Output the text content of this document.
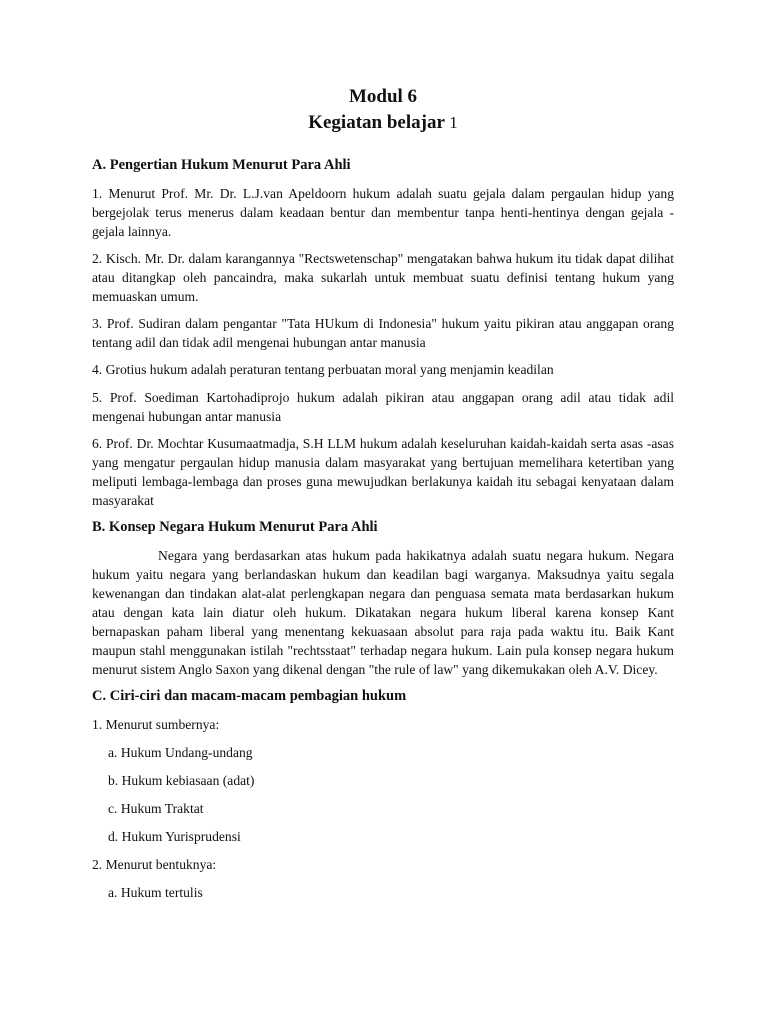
Modul 6
Kegiatan belajar 1
A. Pengertian Hukum Menurut Para Ahli

1. Menurut Prof. Mr. Dr. L.J.van Apeldoorn hukum adalah suatu gejala dalam pergaulan hidup yang bergejolak terus menerus dalam keadaan bentur dan membentur tanpa henti-hentinya dengan gejala - gejala lainnya.

2. Kisch. Mr. Dr. dalam karangannya "Rectswetenschap" mengatakan bahwa hukum itu tidak dapat dilihat atau ditangkap oleh pancaindra, maka sukarlah untuk membuat suatu definisi tentang hukum yang memuaskan umum.

3. Prof. Sudiran dalam pengantar "Tata HUkum di Indonesia" hukum yaitu pikiran atau anggapan orang tentang adil dan tidak adil mengenai hubungan antar manusia

4. Grotius hukum adalah peraturan tentang perbuatan moral yang menjamin keadilan

5. Prof. Soediman Kartohadiprojo hukum adalah pikiran atau anggapan orang adil atau tidak adil mengenai hubungan antar manusia

6. Prof. Dr. Mochtar Kusumaatmadja, S.H LLM hukum adalah keseluruhan kaidah-kaidah serta asas -asas yang mengatur pergaulan hidup manusia dalam masyarakat yang bertujuan memelihara ketertiban yang meliputi lembaga-lembaga dan proses guna mewujudkan berlakunya kaidah itu sebagai kenyataan dalam masyarakat

B. Konsep Negara Hukum Menurut Para Ahli

Negara yang berdasarkan atas hukum pada hakikatnya adalah suatu negara hukum. Negara hukum yaitu negara yang berlandaskan hukum dan keadilan bagi warganya. Maksudnya yaitu segala kewenangan dan tindakan alat-alat perlengkapan negara dan penguasa semata mata berdasarkan hukum atau dengan kata lain diatur oleh hukum. Dikatakan negara hukum liberal karena konsep Kant bernapaskan paham liberal yang menentang kekuasaan absolut para raja pada waktu itu. Baik Kant maupun stahl menggunakan istilah "rechtsstaat" terhadap negara hukum. Lain pula konsep negara hukum menurut sistem Anglo Saxon yang dikenal dengan "the rule of law" yang dikemukakan oleh A.V. Dicey.

C. Ciri-ciri dan macam-macam pembagian hukum

1. Menurut sumbernya:

a. Hukum Undang-undang

b. Hukum kebiasaan (adat)

c. Hukum Traktat

d. Hukum Yurisprudensi

2. Menurut bentuknya:

a. Hukum tertulis
